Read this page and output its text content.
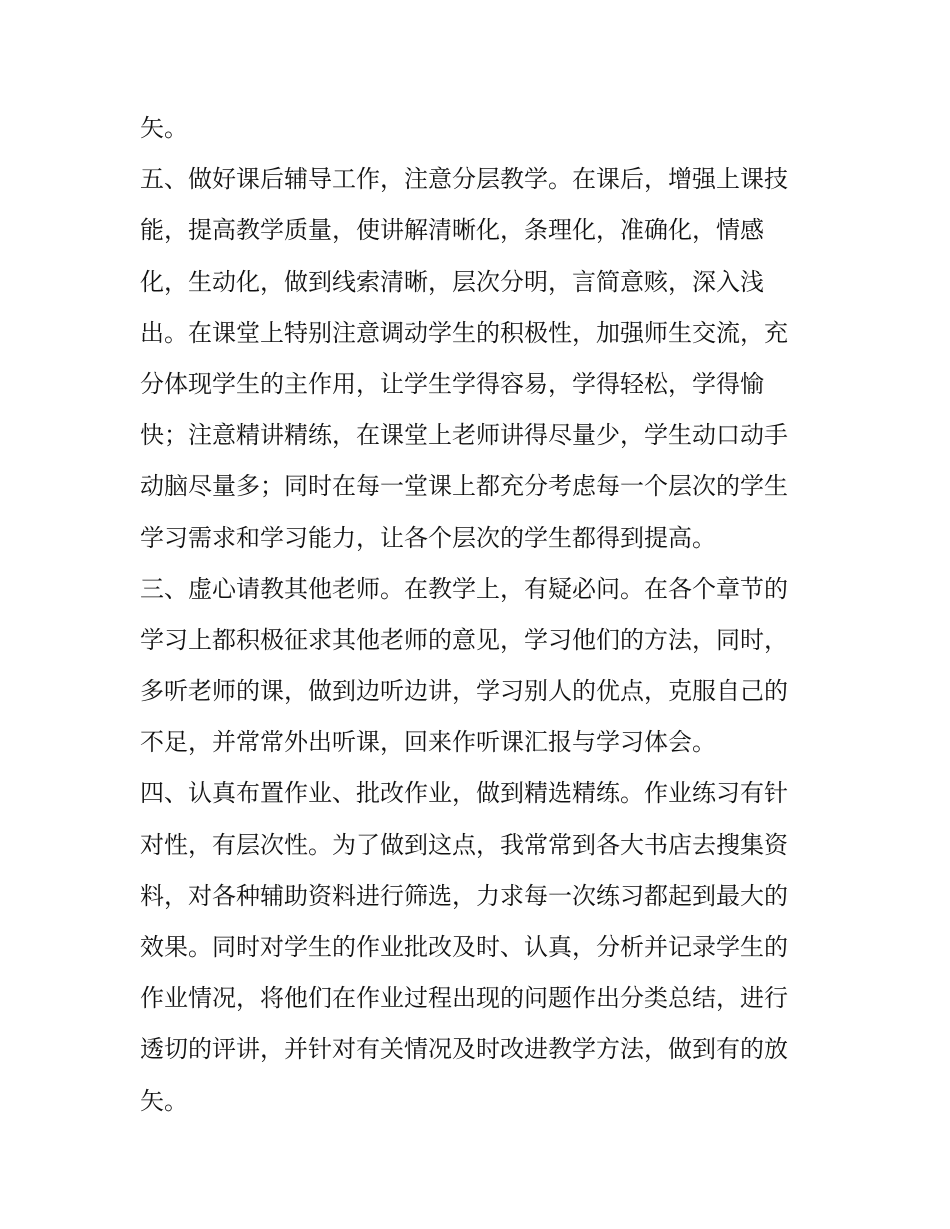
矢。
五、做好课后辅导工作，注意分层教学。在课后，增强上课技
能，提高教学质量，使讲解清晰化，条理化，准确化，情感
化，生动化，做到线索清晰，层次分明，言简意赅，深入浅
出。在课堂上特别注意调动学生的积极性，加强师生交流，充
分体现学生的主作用，让学生学得容易，学得轻松，学得愉
快；注意精讲精练，在课堂上老师讲得尽量少，学生动口动手
动脑尽量多；同时在每一堂课上都充分考虑每一个层次的学生
学习需求和学习能力，让各个层次的学生都得到提高。
三、虚心请教其他老师。在教学上，有疑必问。在各个章节的
学习上都积极征求其他老师的意见，学习他们的方法，同时，
多听老师的课，做到边听边讲，学习别人的优点，克服自己的
不足，并常常外出听课，回来作听课汇报与学习体会。
四、认真布置作业、批改作业，做到精选精练。作业练习有针
对性，有层次性。为了做到这点，我常常到各大书店去搜集资
料，对各种辅助资料进行筛选，力求每一次练习都起到最大的
效果。同时对学生的作业批改及时、认真，分析并记录学生的
作业情况，将他们在作业过程出现的问题作出分类总结，进行
透切的评讲，并针对有关情况及时改进教学方法，做到有的放
矢。
